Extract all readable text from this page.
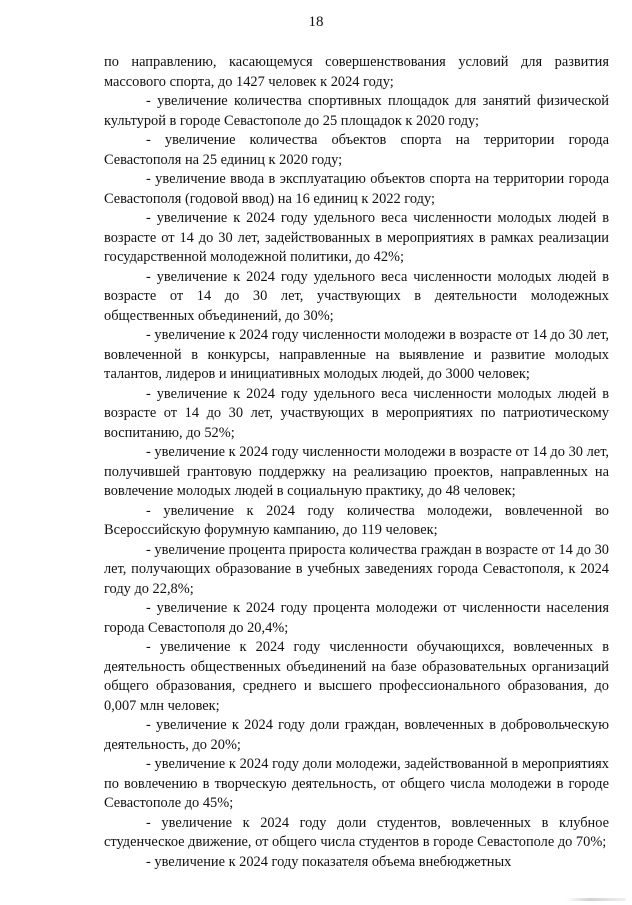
18

по направлению, касающемуся совершенствования условий для развития массового спорта, до 1427 человек к 2024 году;

- увеличение количества спортивных площадок для занятий физической культурой в городе Севастополе до 25 площадок к 2020 году;

- увеличение количества объектов спорта на территории города Севастополя на 25 единиц к 2020 году;

- увеличение ввода в эксплуатацию объектов спорта на территории города Севастополя (годовой ввод) на 16 единиц к 2022 году;

- увеличение к 2024 году удельного веса численности молодых людей в возрасте от 14 до 30 лет, задействованных в мероприятиях в рамках реализации государственной молодежной политики, до 42%;

- увеличение к 2024 году удельного веса численности молодых людей в возрасте от 14 до 30 лет, участвующих в деятельности молодежных общественных объединений, до 30%;

- увеличение к 2024 году численности молодежи в возрасте от 14 до 30 лет, вовлеченной в конкурсы, направленные на выявление и развитие молодых талантов, лидеров и инициативных молодых людей, до 3000 человек;

- увеличение к 2024 году удельного веса численности молодых людей в возрасте от 14 до 30 лет, участвующих в мероприятиях по патриотическому воспитанию, до 52%;

- увеличение к 2024 году численности молодежи в возрасте от 14 до 30 лет, получившей грантовую поддержку на реализацию проектов, направленных на вовлечение молодых людей в социальную практику, до 48 человек;

- увеличение к 2024 году количества молодежи, вовлеченной во Всероссийскую форумную кампанию, до 119 человек;

- увеличение процента прироста количества граждан в возрасте от 14 до 30 лет, получающих образование в учебных заведениях города Севастополя, к 2024 году до 22,8%;

- увеличение к 2024 году процента молодежи от численности населения города Севастополя до 20,4%;

- увеличение к 2024 году численности обучающихся, вовлеченных в деятельность общественных объединений на базе образовательных организаций общего образования, среднего и высшего профессионального образования, до 0,007 млн человек;

- увеличение к 2024 году доли граждан, вовлеченных в добровольческую деятельность, до 20%;

- увеличение к 2024 году доли молодежи, задействованной в мероприятиях по вовлечению в творческую деятельность, от общего числа молодежи в городе Севастополе до 45%;

- увеличение к 2024 году доли студентов, вовлеченных в клубное студенческое движение, от общего числа студентов в городе Севастополе до 70%;

- увеличение к 2024 году показателя объема внебюджетных
